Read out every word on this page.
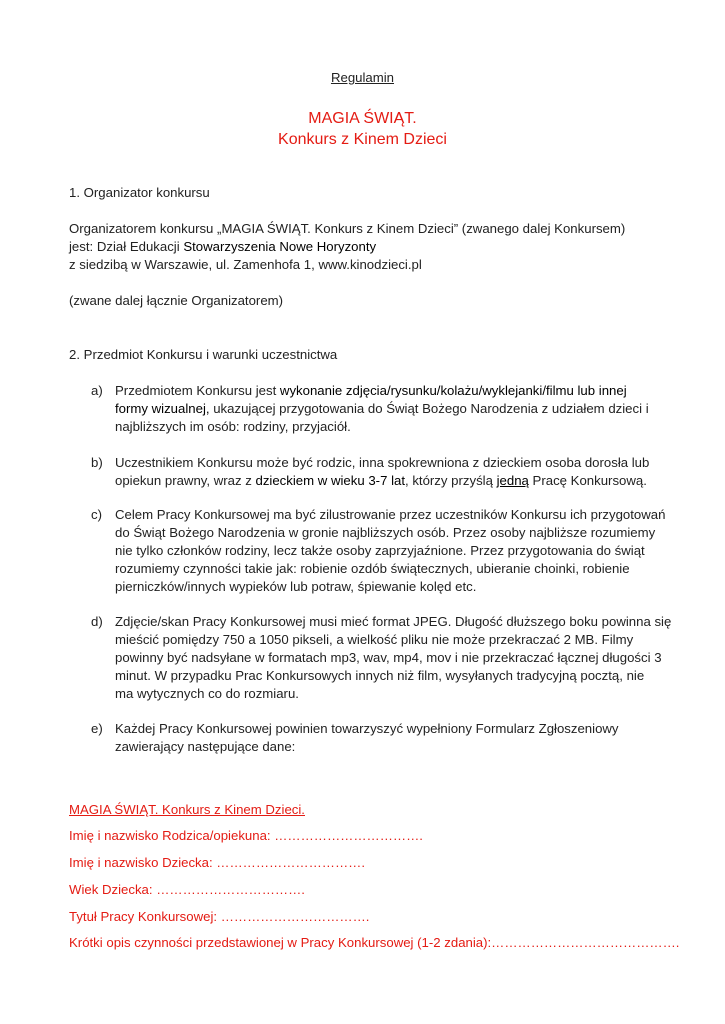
Regulamin
MAGIA ŚWIĄT.
Konkurs z Kinem Dzieci
1. Organizator konkursu
Organizatorem konkursu „MAGIA ŚWIĄT. Konkurs z Kinem Dzieci” (zwanego dalej Konkursem)
jest: Dział Edukacji Stowarzyszenia Nowe Horyzonty
z siedzibą w Warszawie, ul. Zamenhofa 1, www.kinodzieci.pl
(zwane dalej łącznie Organizatorem)
2. Przedmiot Konkursu i warunki uczestnictwa
a) Przedmiotem Konkursu jest wykonanie zdjęcia/rysunku/kolażu/wyklejanki/filmu lub innej
formy wizualnej, ukazującej przygotowania do Świąt Bożego Narodzenia z udziałem dzieci i
najbliższych im osób: rodziny, przyjaciół.
b) Uczestnikiem Konkursu może być rodzic, inna spokrewniona z dzieckiem osoba dorosła lub
opiekun prawny, wraz z dzieckiem w wieku 3-7 lat, którzy przyślą jedną Pracę Konkursową.
c) Celem Pracy Konkursowej ma być zilustrowanie przez uczestników Konkursu ich przygotowań
do Świąt Bożego Narodzenia w gronie najbliższych osób. Przez osoby najbliższe rozumiemy
nie tylko członków rodziny, lecz także osoby zaprzyjaźnione. Przez przygotowania do świąt
rozumiemy czynności takie jak: robienie ozdób świątecznych, ubieranie choinki, robienie
pierniczków/innych wypieków lub potraw, śpiewanie kolęd etc.
d) Zdjęcie/skan Pracy Konkursowej musi mieć format JPEG. Długość dłuższego boku powinna się
mieścić pomiędzy 750 a 1050 pikseli, a wielkość pliku nie może przekraczać 2 MB. Filmy
powinny być nadsyłane w formatach mp3, wav, mp4, mov i nie przekraczać łącznej długości 3
minut. W przypadku Prac Konkursowych innych niż film, wysyłanych tradycyjną pocztą, nie
ma wytycznych co do rozmiaru.
e) Każdej Pracy Konkursowej powinien towarzyszyć wypełniony Formularz Zgłoszeniowy
zawierający następujące dane:
MAGIA ŚWIĄT. Konkurs z Kinem Dzieci.
Imię i nazwisko Rodzica/opiekuna: …………………………….
Imię i nazwisko Dziecka: …………………………….
Wiek Dziecka: …………………………….
Tytuł Pracy Konkursowej: …………………………….
Krótki opis czynności przedstawionej w Pracy Konkursowej (1-2 zdania):…………………………………….
